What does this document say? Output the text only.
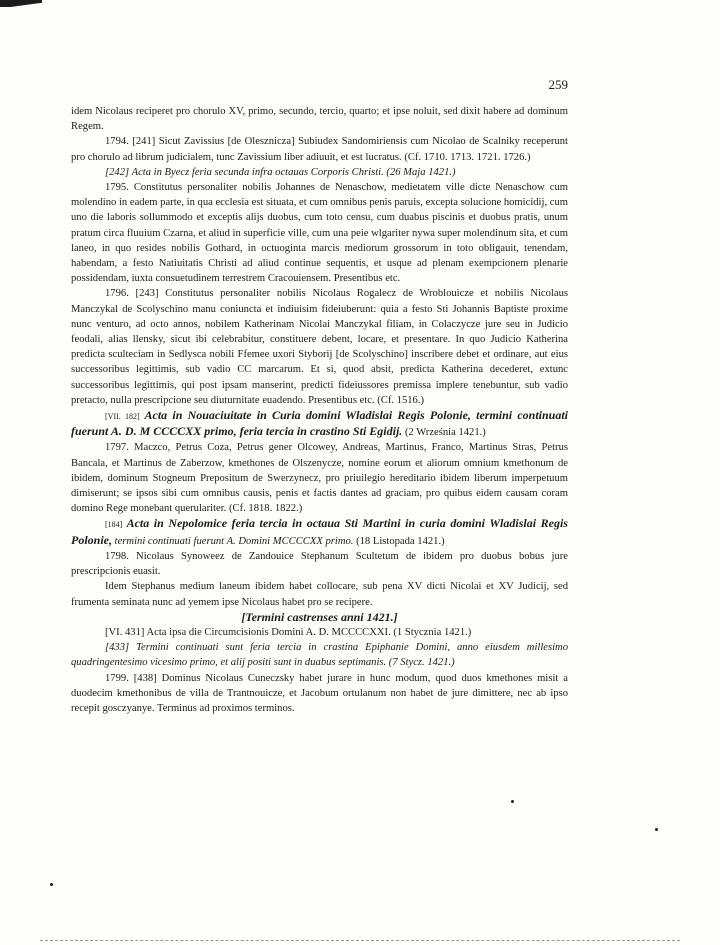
259

idem Nicolaus reciperet pro chorulo XV, primo, secundo, tercio, quarto; et ipse noluit, sed dixit habere ad dominum Regem.

1794. [241] Sicut Zavissius [de Olesznicza] Subiudex Sandomiriensis cum Nicolao de Scalniky receperunt pro chorulo ad librum judicialem, tunc Zavissium liber adiuuit, et est lucratus. (Cf. 1710. 1713. 1721. 1726.)

[242] Acta in Byecz feria secunda infra octauas Corporis Christi. (26 Maja 1421.)

1795. Constitutus personaliter nobilis Johannes de Nenaschow, medietatem ville dicte Nenaschow cum molendino in eadem parte, in qua ecclesia est situata, et cum omnibus penis paruis, excepta solucione homicidij, cum uno die laboris sollummodo et exceptis alijs duobus, cum toto censu, cum duabus piscinis et duobus pratis, unum pratum circa fluuium Czarna, et aliud in superficie ville, cum una peie wlgariter nywa super molendinum sita, et cum laneo, in quo resides nobilis Gothard, in octuoginta marcis mediorum grossorum in toto obligauit, tenendam, habendam, a festo Natiuitatis Christi ad aliud continue sequentis, et usque ad plenam exempcionem plenarie possidendam, iuxta consuetudinem terrestrem Cracouiensem. Presentibus etc.

1796. [243] Constitutus personaliter nobilis Nicolaus Rogalecz de Wroblouicze et nobilis Nicolaus Manczykal de Scolyschino manu coniuncta et indiuisim fideiuberunt: quia a festo Sti Johannis Baptiste proxime nunc venturo, ad octo annos, nobilem Katherinam Nicolai Manczykal filiam, in Colaczycze jure seu in Judicio feodali, alias llensky, sicut ibi celebrabitur, constituere debent, locare, et presentare. In quo Judicio Katherina predicta sculteciam in Sedlysca nobili Ffemee uxori Styborij [de Scolyschino] inscribere debet et ordinare, aut eius successoribus legittimis, sub vadio CC marcarum. Et si, quod absit, predicta Katherina decederet, extunc successoribus legittimis, qui post ipsam manserint, predicti fideiussores premissa implere tenebuntur, sub vadio pretacto, nulla prescripcione seu diuturnitate euadendo. Presentibus etc. (Cf. 1516.)

[VII. 182] Acta in Nouaciuitate in Curia domini Wladislai Regis Polonie, termini continuati fuerunt A. D. M CCCCXX primo, feria tercia in crastino Sti Egidij. (2 Września 1421.)

1797. Maczco, Petrus Coza, Petrus gener Olcowey, Andreas, Martinus, Franco, Martinus Stras, Petrus Bancala, et Martinus de Zaberzow, kmethones de Olszenycze, nomine eorum et aliorum omnium kmethonum de ibidem, dominum Stogneum Prepositum de Swerzynecz, pro priuilegio hereditario ibidem liberum imperpetuum dimiserunt; se ipsos sibi cum omnibus causis, penis et factis dantes ad graciam, pro quibus eidem causam coram domino Rege monebant querulariter. (Cf. 1818. 1822.)

[184] Acta in Nepolomice feria tercia in octaua Sti Martini in curia domini Wladislai Regis Polonie, termini continuati fuerunt A. Domini MCCCCXX primo. (18 Listopada 1421.)

1798. Nicolaus Synoweez de Zandouice Stephanum Scultetum de ibidem pro duobus bobus jure prescripcionis euasit.

Idem Stephanus medium laneum ibidem habet collocare, sub pena XV dicti Nicolai et XV Judicij, sed frumenta seminata nunc ad yemem ipse Nicolaus habet pro se recipere.

[Termini castrenses anni 1421.]

[VI. 431] Acta ipsa die Circumcisionis Domini A. D. MCCCCXXI. (1 Stycznia 1421.)

[433] Termini continuati sunt feria tercia in crastina Epiphanie Domini, anno eiusdem millesimo quadringentesimo vicesimo primo, et alij positi sunt in duabus septimanis. (7 Stycz. 1421.)

1799. [438] Dominus Nicolaus Cuneczsky habet jurare in hunc modum, quod duos kmethones misit a duodecim kmethonibus de villa de Trantnouicze, et Jacobum ortulanum non habet de jure dimittere, nec ab ipso recepit gosczyanye. Terminus ad proximos terminos.
